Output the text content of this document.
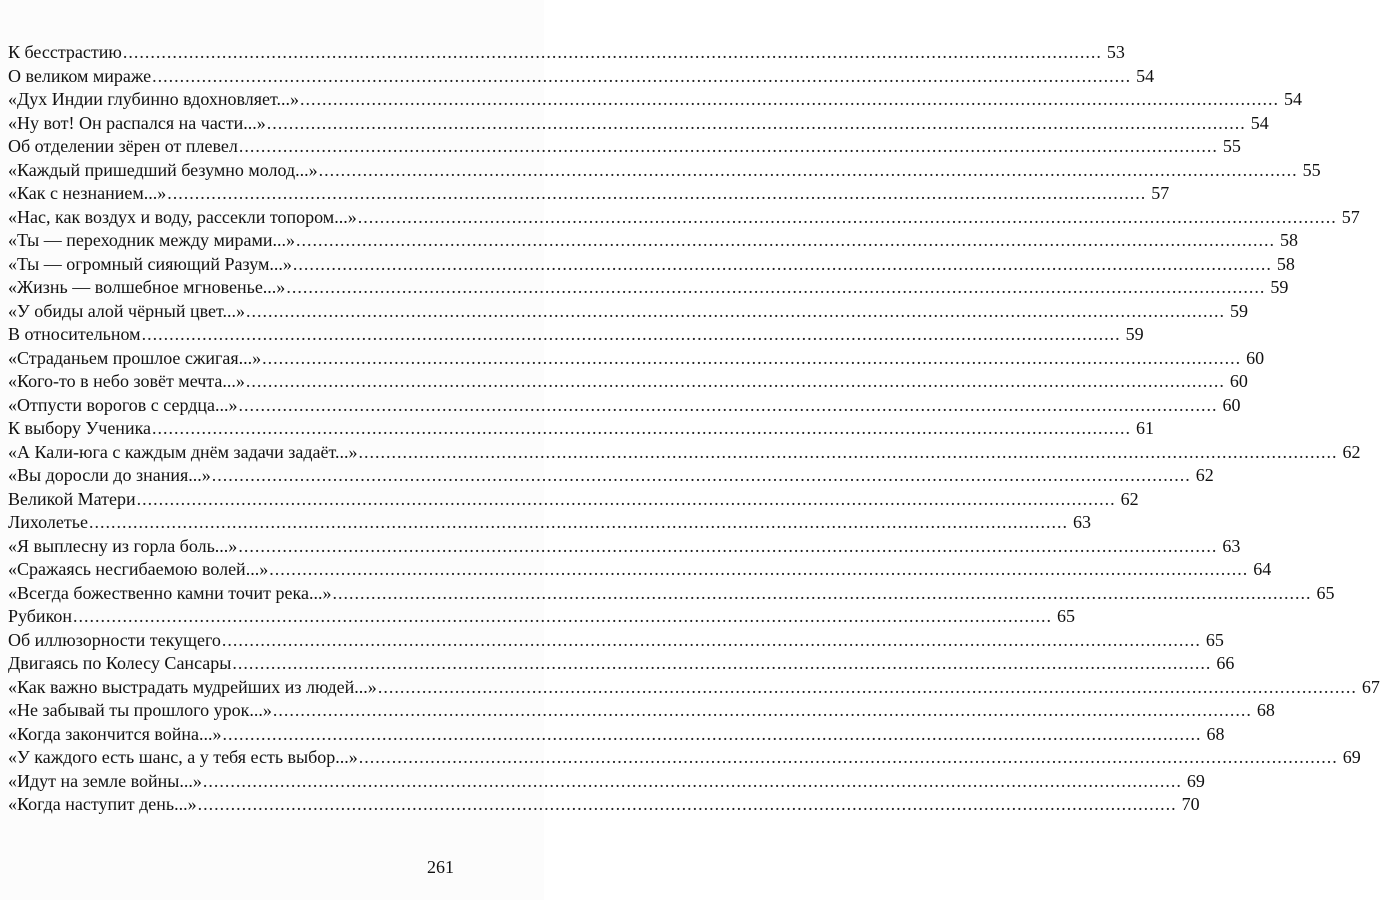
К бесстрастию .....	53
О великом мираже .....	54
«Дух Индии глубинно вдохновляет...» .....	54
«Ну вот! Он распался на части...» .....	54
Об отделении зёрен от плевел .....	55
«Каждый пришедший безумно молод...» .....	55
«Как с незнанием...» .....	57
«Нас, как воздух и воду, рассекли топором...» .....	57
«Ты — переходник между мирами...» .....	58
«Ты — огромный сияющий Разум...» .....	58
«Жизнь — волшебное мгновенье...» .....	59
«У обиды алой чёрный цвет...» .....	59
В относительном .....	59
«Страданьем прошлое сжигая...» .....	60
«Кого-то в небо зовёт мечта...» .....	60
«Отпусти ворогов с сердца...» .....	60
К выбору Ученика .....	61
«А Кали-юга с каждым днём задачи задаёт...» .....	62
«Вы доросли до знания...» .....	62
Великой Матери .....	62
Лихолетье .....	63
«Я выплесну из горла боль...» .....	63
«Сражаясь несгибаемою волей...» .....	64
«Всегда божественно камни точит река...» .....	65
Рубикон .....	65
Об иллюзорности текущего .....	65
Двигаясь по Колесу Сансары .....	66
«Как важно выстрадать мудрейших из людей...» .....	67
«Не забывай ты прошлого урок...» .....	68
«Когда закончится война...» .....	68
«У каждого есть шанс, а у тебя есть выбор...» .....	69
«Идут на земле войны...» .....	69
«Когда наступит день...» .....	70
261
